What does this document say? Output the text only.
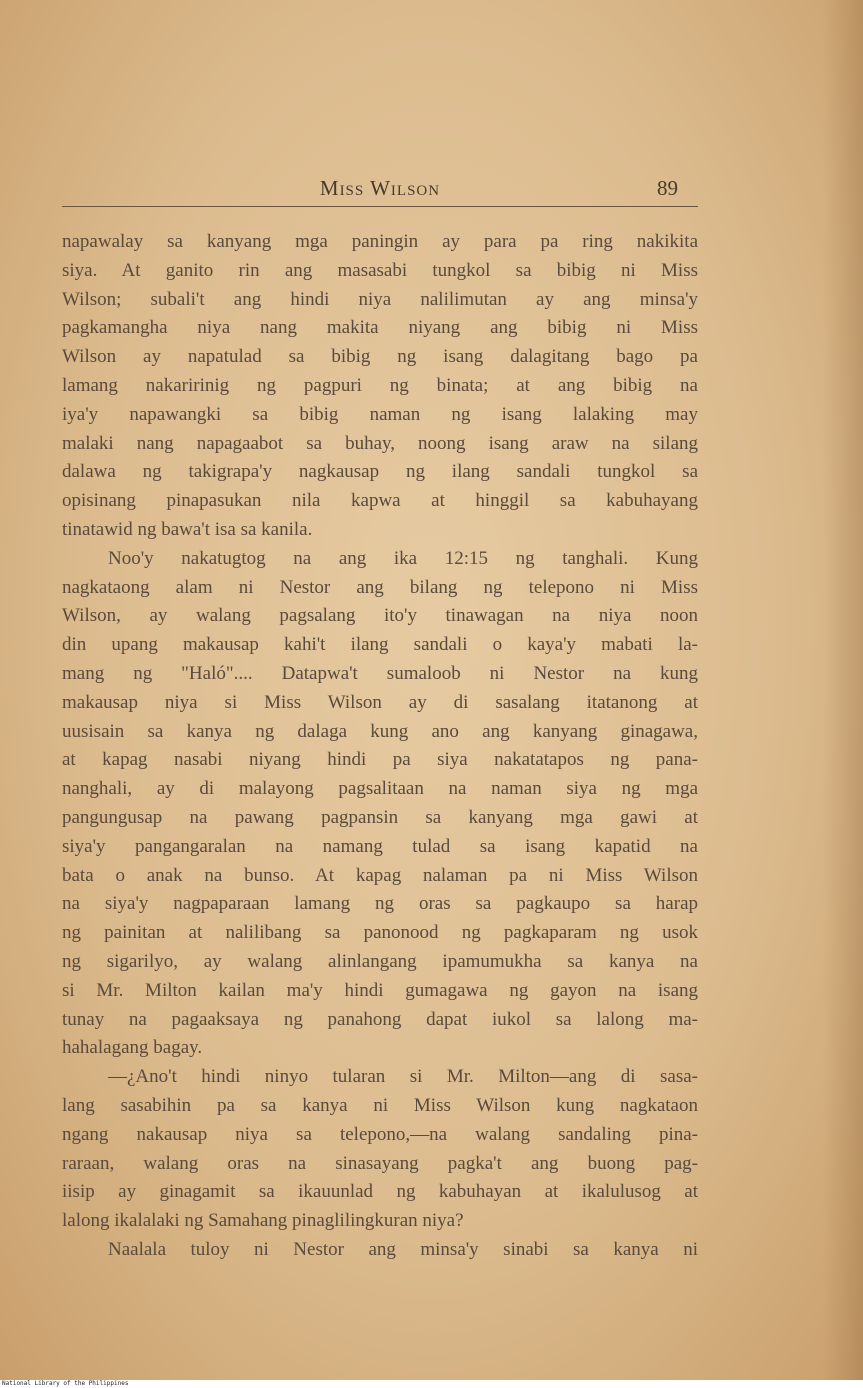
Miss Wilson	89
napawalay sa kanyang mga paningin ay para pa ring nakikita
siya. At ganito rin ang masasabi tungkol sa bibig ni Miss
Wilson; subali't ang hindi niya nalilimutan ay ang minsa'y
pagkamangha niya nang makita niyang ang bibig ni Miss
Wilson ay napatulad sa bibig ng isang dalagitang bago pa
lamang nakaririnig ng pagpuri ng binata; at ang bibig na
iya'y napawangki sa bibig naman ng isang lalaking may
malaki nang napagaabot sa buhay, noong isang araw na silang
dalawa ng takigrapa'y nagkausap ng ilang sandali tungkol sa
opisinang pinapasukan nila kapwa at hinggil sa kabuhayang
tinatawid ng bawa't isa sa kanila.
Noo'y nakatugtog na ang ika 12:15 ng tanghali. Kung
nagkataong alam ni Nestor ang bilang ng telepono ni Miss
Wilson, ay walang pagsalang ito'y tinawagan na niya noon
din upang makausap kahi't ilang sandali o kaya'y mabati la-
mang ng "Haló".... Datapwa't sumaloob ni Nestor na kung
makausap niya si Miss Wilson ay di sasalang itatanong at
uusisain sa kanya ng dalaga kung ano ang kanyang ginagawa,
at kapag nasabi niyang hindi pa siya nakatatapos ng pana-
nanghali, ay di malayong pagsalitaan na naman siya ng mga
pangungusap na pawang pagpansin sa kanyang mga gawi at
siya'y pangangaralan na namang tulad sa isang kapatid na
bata o anak na bunso. At kapag nalaman pa ni Miss Wilson
na siya'y nagpaparaan lamang ng oras sa pagkaupo sa harap
ng painitan at nalilibang sa panonood ng pagkaparam ng usok
ng sigarilyo, ay walang alinlangang ipamumukha sa kanya na
si Mr. Milton kailan ma'y hindi gumagawa ng gayon na isang
tunay na pagaaksaya ng panahong dapat iukol sa lalong ma-
hahalagang bagay.
—¿Ano't hindi ninyo tularan si Mr. Milton—ang di sasa-
lang sasabihin pa sa kanya ni Miss Wilson kung nagkataon
ngang nakausap niya sa telepono,—na walang sandaling pina-
raraan, walang oras na sinasayang pagka't ang buong pag-
iisip ay ginagamit sa ikauunlad ng kabuhayan at ikalulusog at
lalong ikalalaki ng Samahang pinaglilingkuran niya?
Naalala tuloy ni Nestor ang minsa'y sinabi sa kanya ni
National Library of the Philippines
